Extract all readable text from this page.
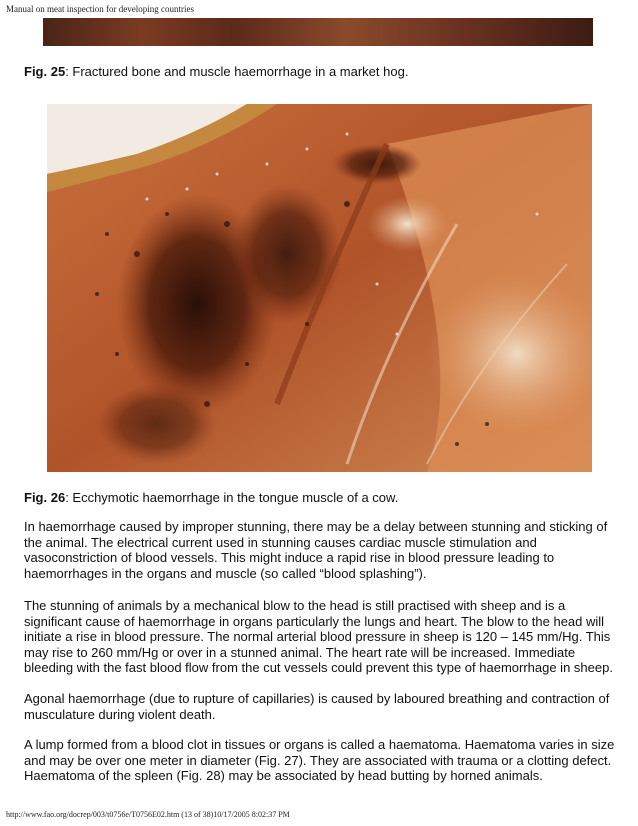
Manual on meat inspection for developing countries
Fig. 25: Fractured bone and muscle haemorrhage in a market hog.
Fig. 26: Ecchymotic haemorrhage in the tongue muscle of a cow.

In haemorrhage caused by improper stunning, there may be a delay between stunning and sticking of the animal. The electrical current used in stunning causes cardiac muscle stimulation and vasoconstriction of blood vessels. This might induce a rapid rise in blood pressure leading to haemorrhages in the organs and muscle (so called “blood splashing”).

The stunning of animals by a mechanical blow to the head is still practised with sheep and is a significant cause of haemorrhage in organs particularly the lungs and heart. The blow to the head will initiate a rise in blood pressure. The normal arterial blood pressure in sheep is 120 – 145 mm/Hg. This may rise to 260 mm/Hg or over in a stunned animal. The heart rate will be increased. Immediate bleeding with the fast blood flow from the cut vessels could prevent this type of haemorrhage in sheep.

Agonal haemorrhage (due to rupture of capillaries) is caused by laboured breathing and contraction of musculature during violent death.

A lump formed from a blood clot in tissues or organs is called a haematoma. Haematoma varies in size and may be over one meter in diameter (Fig. 27). They are associated with trauma or a clotting defect. Haematoma of the spleen (Fig. 28) may be associated by head butting by horned animals.

http://www.fao.org/docrep/003/t0756e/T0756E02.htm (13 of 38)10/17/2005 8:02:37 PM
